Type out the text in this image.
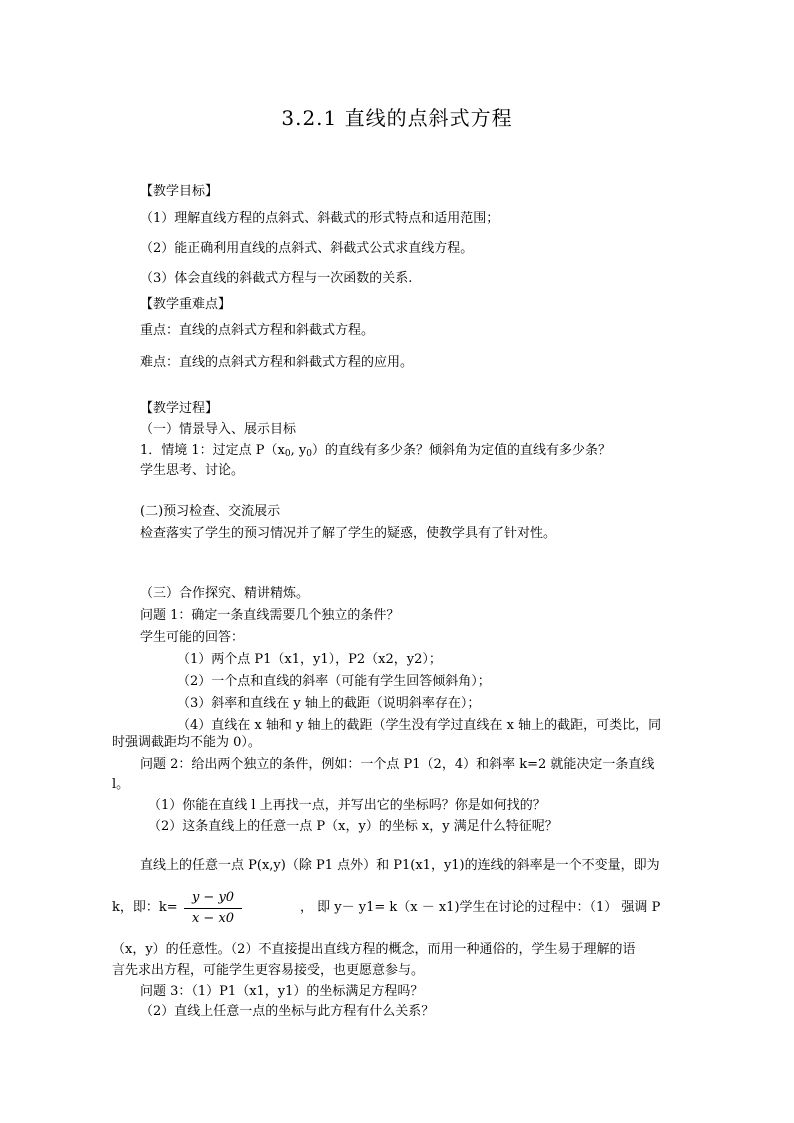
3.2.1 直线的点斜式方程
【教学目标】
（1）理解直线方程的点斜式、斜截式的形式特点和适用范围；
（2）能正确利用直线的点斜式、斜截式公式求直线方程。
（3）体会直线的斜截式方程与一次函数的关系.
【教学重难点】
重点：直线的点斜式方程和斜截式方程。
难点：直线的点斜式方程和斜截式方程的应用。
【教学过程】
（一）情景导入、展示目标
1．情境 1：过定点 $P(x_0$, $y_0$）的直线有多少条？倾斜角为定值的直线有多少条？
学生思考、讨论。
(二)预习检查、交流展示
检查落实了学生的预习情况并了解了学生的疑惑，使教学具有了针对性。
（三）合作探究、精讲精炼。
问题 1：确定一条直线需要几个独立的条件？
学生可能的回答：
（1）两个点 P1（x1，y1），P2（x2，y2）；
（2）一个点和直线的斜率（可能有学生回答倾斜角）；
（3）斜率和直线在 y 轴上的截距（说明斜率存在）；
（4）直线在 x 轴和 y 轴上的截距（学生没有学过直线在 x 轴上的截距，可类比，同
时强调截距均不能为 0）。
问题 2：给出两个独立的条件，例如：一个点 P1（2，4）和斜率 k=2 就能决定一条直线
l。
（1）你能在直线 l 上再找一点，并写出它的坐标吗？你是如何找的？
（2）这条直线上的任意一点 P（x，y）的坐标 x，y 满足什么特征呢？
直线上的任意一点 P(x,y)（除 P1 点外）和 P1(x1，y1)的连线的斜率是一个不变量，即为
k，即：k=
y − y0
x − x0
， 即 y－ y1= k（x － x1)学生在讨论的过程中：（1） 强调 P
（x，y）的任意性。（2）不直接提出直线方程的概念，而用一种通俗的，学生易于理解的语
言先求出方程，可能学生更容易接受，也更愿意参与。
问题 3：（1）P1（x1，y1）的坐标满足方程吗？
（2）直线上任意一点的坐标与此方程有什么关系？
